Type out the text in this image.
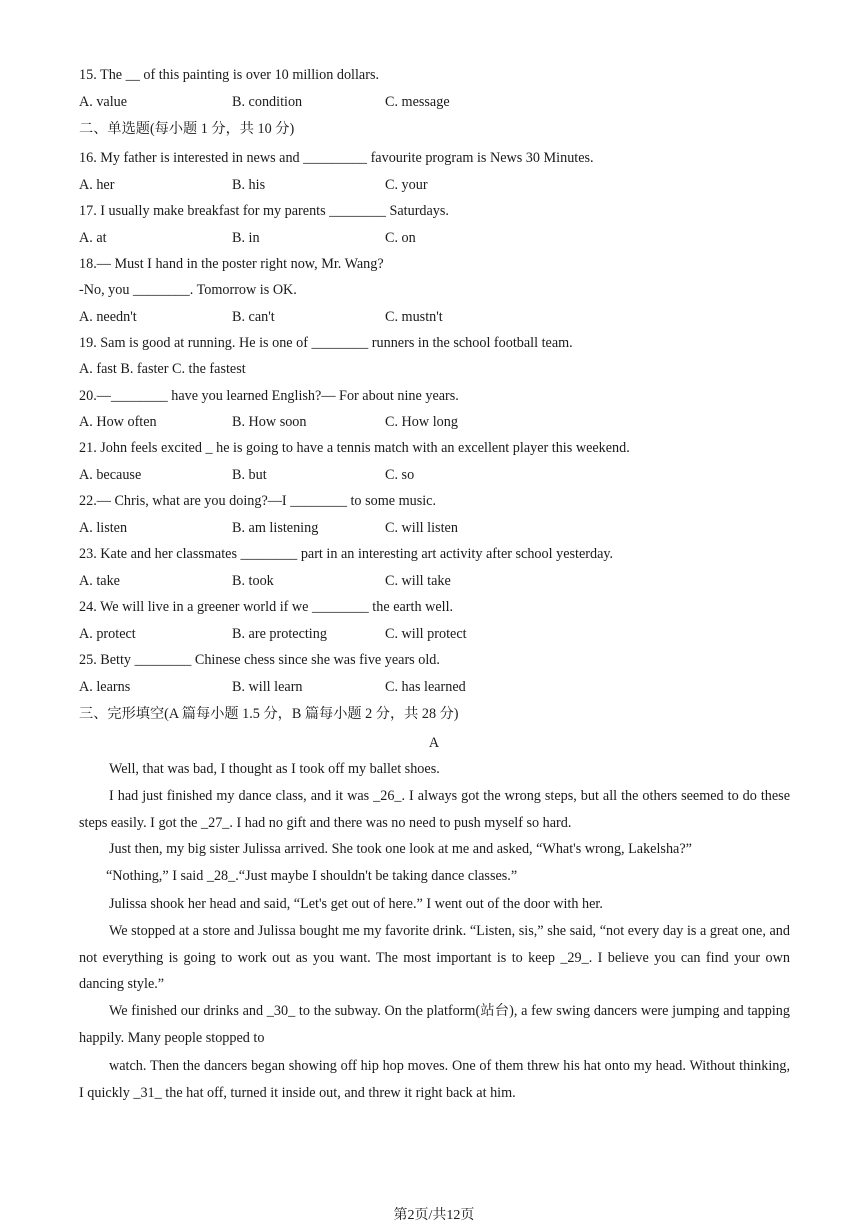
15. The __ of this painting is over 10 million dollars.
A. value	B. condition	C. message
二、单选题(每小题 1 分，共 10 分)
16. My father is interested in news and _________ favourite program is News 30 Minutes.
A. her	B. his	C. your
17. I usually make breakfast for my parents ________ Saturdays.
A. at	B. in	C. on
18.— Must I hand in the poster right now, Mr. Wang?
-No, you ________. Tomorrow is OK.
A. needn't	B. can't	C. mustn't
19. Sam is good at running. He is one of ________ runners in the school football team.
A. fast B. faster C. the fastest
20.—________ have you learned English?— For about nine years.
A. How often	B. How soon	C. How long
21. John feels excited _ he is going to have a tennis match with an excellent player this weekend.
A. because	B. but	C. so
22.— Chris, what are you doing?—I ________ to some music.
A. listen	B. am listening	C. will listen
23. Kate and her classmates ________ part in an interesting art activity after school yesterday.
A. take	B. took	C. will take
24. We will live in a greener world if we ________ the earth well.
A. protect	B. are protecting	C. will protect
25. Betty ________ Chinese chess since she was five years old.
A. learns	B. will learn	C. has learned
三、完形填空(A 篇每小题 1.5 分，B 篇每小题 2 分，共 28 分)
A
Well, that was bad, I thought as I took off my ballet shoes.
I had just finished my dance class, and it was _26_. I always got the wrong steps, but all the others seemed to do these steps easily. I got the _27_. I had no gift and there was no need to push myself so hard.
Just then, my big sister Julissa arrived. She took one look at me and asked, “What's wrong, Lakelsha?”
“Nothing,” I said _28_.“Just maybe I shouldn't be taking dance classes.”
Julissa shook her head and said, “Let's get out of here.” I went out of the door with her.
We stopped at a store and Julissa bought me my favorite drink. “Listen, sis,” she said, “not every day is a great one, and not everything is going to work out as you want. The most important is to keep _29_. I believe you can find your own dancing style.”
We finished our drinks and _30_ to the subway. On the platform(站台), a few swing dancers were jumping and tapping happily. Many people stopped to
watch. Then the dancers began showing off hip hop moves. One of them threw his hat onto my head. Without thinking, I quickly _31_ the hat off, turned it inside out, and threw it right back at him.
第2页/共12页
